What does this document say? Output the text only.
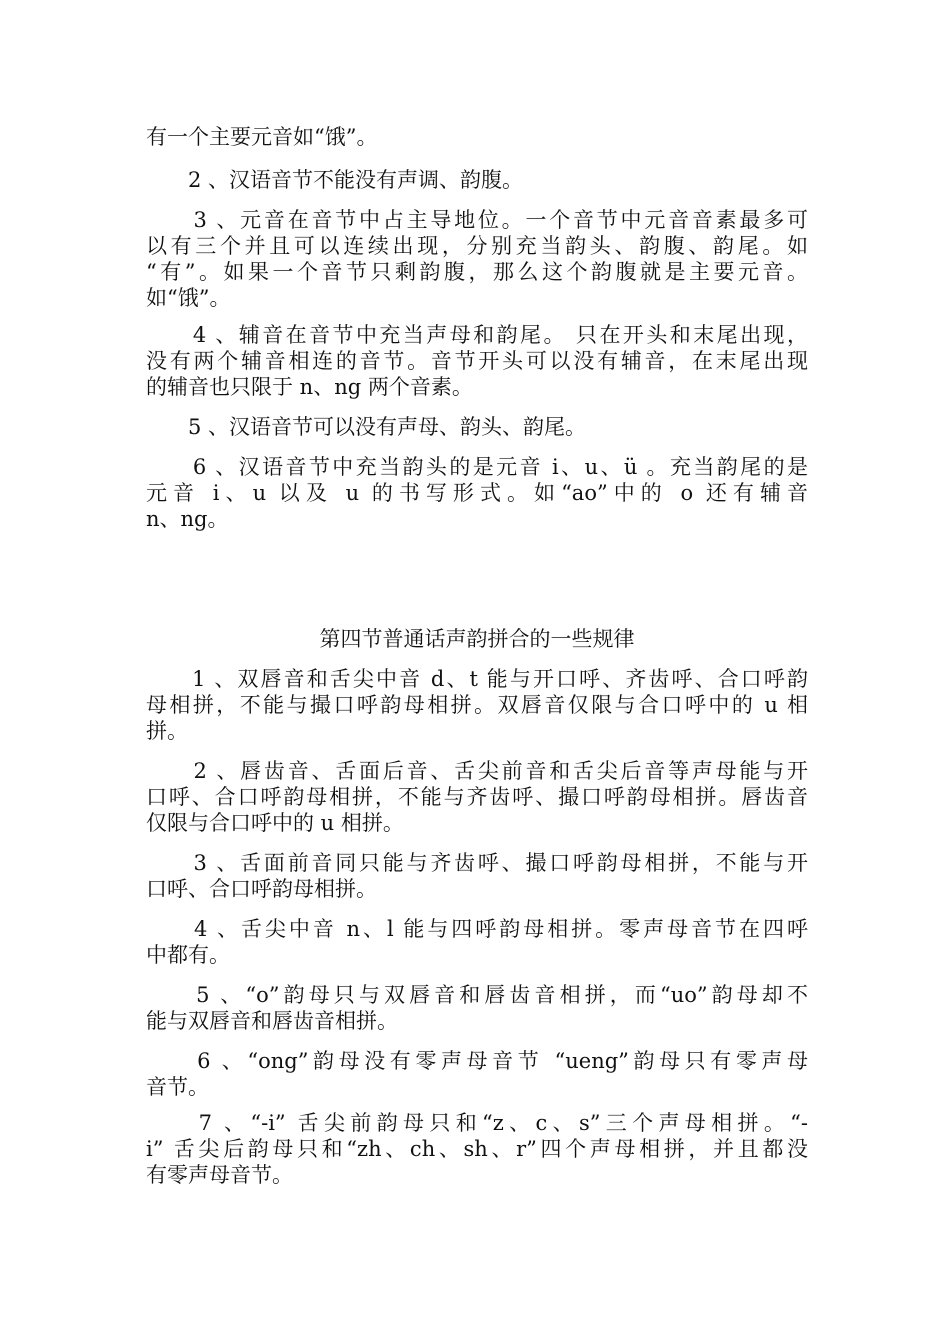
有一个主要元音如“饿”。
　　2 、汉语音节不能没有声调、韵腹。
　　3 、元音在音节中占主导地位。一个音节中元音音素最多可
以有三个并且可以连续出现，分别充当韵头、韵腹、韵尾。如
“有”。如果一个音节只剩韵腹，那么这个韵腹就是主要元音。
如“饿”。
　　4 、辅音在音节中充当声母和韵尾。 只在开头和末尾出现，
没有两个辅音相连的音节。音节开头可以没有辅音，在末尾出现
的辅音也只限于 n、ng 两个音素。
　　5 、汉语音节可以没有声母、韵头、韵尾。
　　6 、汉语音节中充当韵头的是元音 i、u、ü 。充当韵尾的是
元音 i、u 以及 u 的书写形式。如“ao”中的 o 还有辅音
n、ng。
第四节普通话声韵拼合的一些规律
　　1 、双唇音和舌尖中音 d、t 能与开口呼、齐齿呼、合口呼韵
母相拼，不能与撮口呼韵母相拼。双唇音仅限与合口呼中的 u 相
拼。
　　2 、唇齿音、舌面后音、舌尖前音和舌尖后音等声母能与开
口呼、合口呼韵母相拼，不能与齐齿呼、撮口呼韵母相拼。唇齿音
仅限与合口呼中的 u 相拼。
　　3 、舌面前音同只能与齐齿呼、撮口呼韵母相拼，不能与开
口呼、合口呼韵母相拼。
　　4 、舌尖中音 n、l 能与四呼韵母相拼。零声母音节在四呼
中都有。
　　5 、“o”韵母只与双唇音和唇齿音相拼，而“uo”韵母却不
能与双唇音和唇齿音相拼。
　　6 、“ong”韵母没有零声母音节 “ueng”韵母只有零声母
音节。
　　7 、“-i” 舌尖前韵母只和“z、c、s”三个声母相拼。“-
i” 舌尖后韵母只和“zh、ch、sh、r”四个声母相拼，并且都没
有零声母音节。
